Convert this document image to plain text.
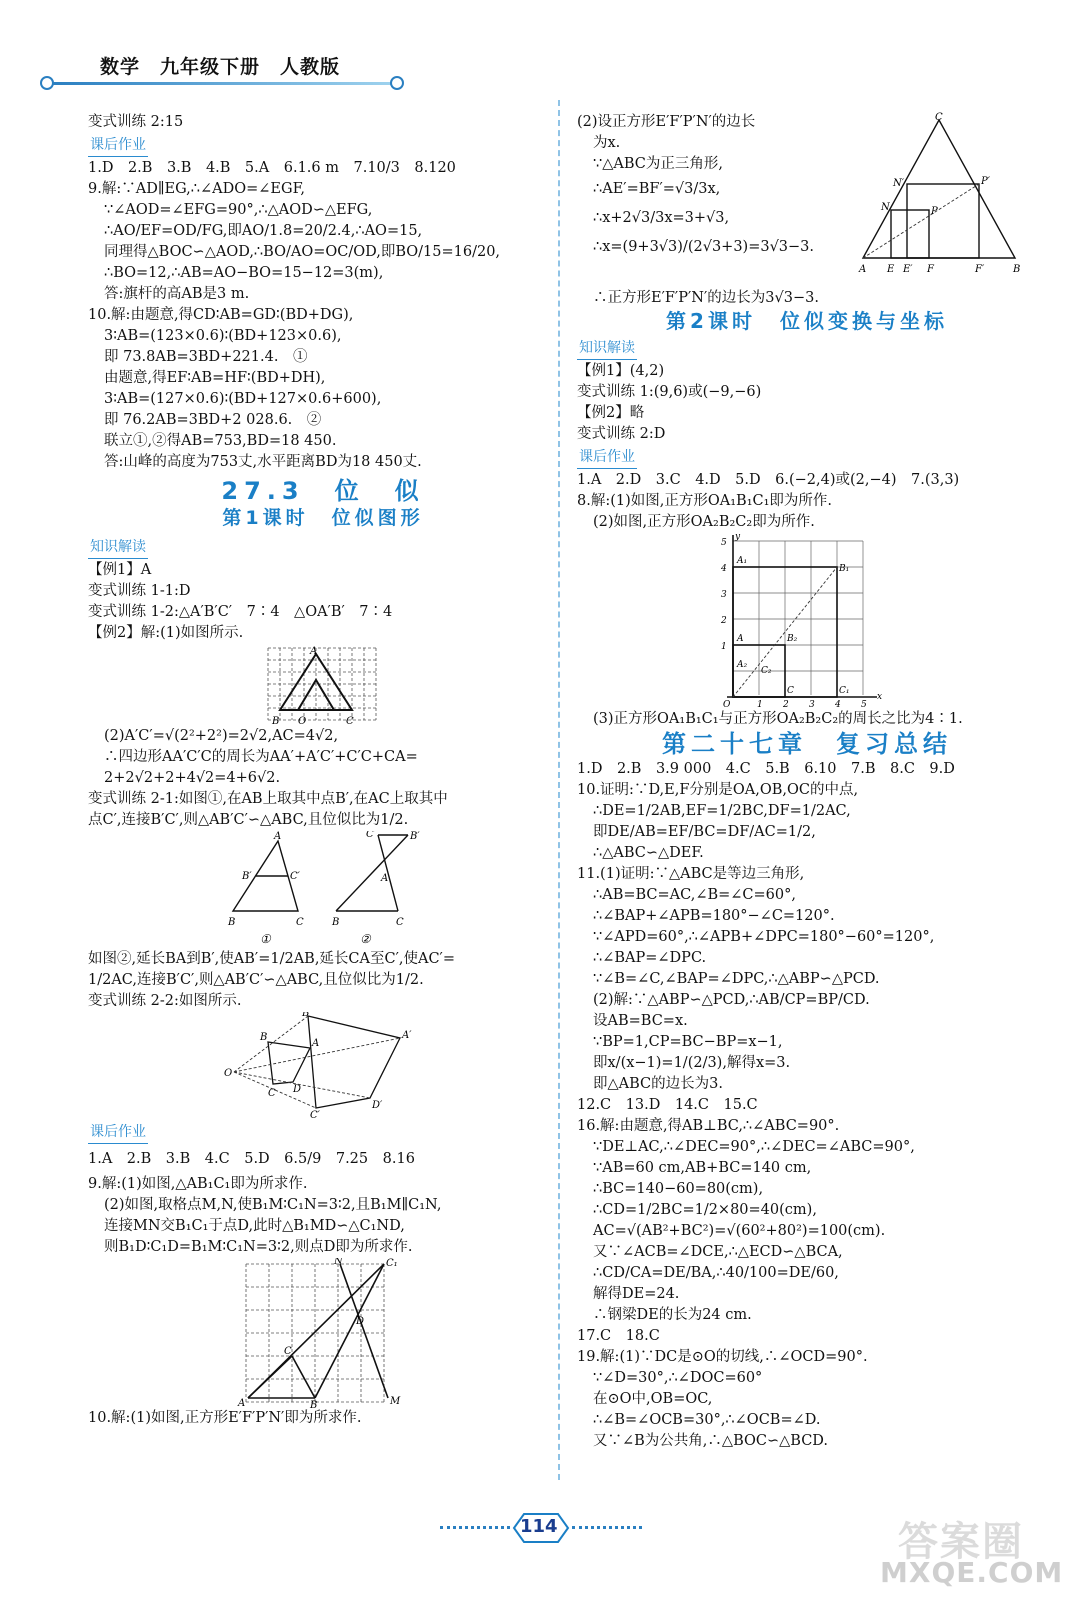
数学　九年级下册　人教版
变式训练 2:15
课后作业
1.D　2.B　3.B　4.B　5.A　6.1.6 m　7.10/3　8.120
9.解:∵AD∥EG,∴∠ADO=∠EGF,
∵∠AOD=∠EFG=90°,∴△AOD∽△EFG,
∴AO/EF=OD/FG,即AO/1.8=20/2.4,∴AO=15,
同理得△BOC∽△AOD,∴BO/AO=OC/OD,即BO/15=16/20,
∴BO=12,∴AB=AO−BO=15−12=3(m),
答:旗杆的高AB是3 m.
10.解:由题意,得CD∶AB=GD∶(BD+DG),
3∶AB=(123×0.6)∶(BD+123×0.6),
即 73.8AB=3BD+221.4.　①
由题意,得EF∶AB=HF∶(BD+DH),
3∶AB=(127×0.6)∶(BD+127×0.6+600),
即 76.2AB=3BD+2 028.6.　②
联立①,②得AB=753,BD=18 450.
答:山峰的高度为753丈,水平距离BD为18 450丈.
27.3　位　似
第1课时　位似图形
知识解读
【例1】A
变式训练 1-1:D
变式训练 1-2:△A′B′C′　7∶4　△OA′B′　7∶4
【例2】解:(1)如图所示.
A
B O	C
(2)A′C′=√(2²+2²)=2√2,AC=4√2,
∴四边形AA′C′C的周长为AA′+A′C′+C′C+CA=
2+2√2+2+4√2=4+6√2.
变式训练 2-1:如图①,在AB上取其中点B′,在AC上取其中
点C′,连接B′C′,则△AB′C′∽△ABC,且位似比为1/2.
A
B′	C′
B	C
C′	B′
A
B	C
①	②
如图②,延长BA到B′,使AB′=1/2AB,延长CA至C′,使AC′=
1/2AC,连接B′C′,则△AB′C′∽△ABC,且位似比为1/2.
变式训练 2-2:如图所示.
O
B
A
D
C
B′
A′
D′
C′
课后作业
1.A　2.B　3.B　4.C　5.D　6.5/9　7.25　8.16
9.解:(1)如图,△AB₁C₁即为所求作.
(2)如图,取格点M,N,使B₁M∶C₁N=3∶2,且B₁M∥C₁N,
连接MN交B₁C₁于点D,此时△B₁MD∽△C₁ND,
则B₁D∶C₁D=B₁M∶C₁N=3∶2,则点D即为所求作.
A
C
B
C₁
N
D
M
10.解:(1)如图,正方形E′F′P′N′即为所求作.
(2)设正方形E′F′P′N′的边长
为x.
∵△ABC为正三角形,
∴AE′=BF′=√3/3x,
∴x+2√3/3x=3+√3,
∴x=(9+3√3)/(2√3+3)=3√3−3.
C
N′	P′
N	P
A E E′ F	F′	B
∴正方形E′F′P′N′的边长为3√3−3.
第2课时　位似变换与坐标
知识解读
【例1】(4,2)
变式训练 1:(9,6)或(−9,−6)
【例2】略
变式训练 2:D
课后作业
1.A　2.D　3.C　4.D　5.D　6.(−2,4)或(2,−4)　7.(3,3)
8.解:(1)如图,正方形OA₁B₁C₁即为所作.
(2)如图,正方形OA₂B₂C₂即为所作.
y
x
5
4
3
2
1
O	1 2 3 4 5
A₁
B₁
A
A₂
B₂
C₂
C	C₁
(3)正方形OA₁B₁C₁与正方形OA₂B₂C₂的周长之比为4∶1.
第二十七章　复习总结
1.D　2.B　3.9 000　4.C　5.B　6.10　7.B　8.C　9.D
10.证明:∵D,E,F分别是OA,OB,OC的中点,
∴DE=1/2AB,EF=1/2BC,DF=1/2AC,
即DE/AB=EF/BC=DF/AC=1/2,
∴△ABC∽△DEF.
11.(1)证明:∵△ABC是等边三角形,
∴AB=BC=AC,∠B=∠C=60°,
∴∠BAP+∠APB=180°−∠C=120°.
∵∠APD=60°,∴∠APB+∠DPC=180°−60°=120°,
∴∠BAP=∠DPC.
∵∠B=∠C,∠BAP=∠DPC,∴△ABP∽△PCD.
(2)解:∵△ABP∽△PCD,∴AB/CP=BP/CD.
设AB=BC=x.
∵BP=1,CP=BC−BP=x−1,
即x/(x−1)=1/(2/3),解得x=3.
即△ABC的边长为3.
12.C　13.D　14.C　15.C
16.解:由题意,得AB⊥BC,∴∠ABC=90°.
∵DE⊥AC,∴∠DEC=90°,∴∠DEC=∠ABC=90°,
∵AB=60 cm,AB+BC=140 cm,
∴BC=140−60=80(cm),
∴CD=1/2BC=1/2×80=40(cm),
AC=√(AB²+BC²)=√(60²+80²)=100(cm).
又∵∠ACB=∠DCE,∴△ECD∽△BCA,
∴CD/CA=DE/BA,∴40/100=DE/60,
解得DE=24.
∴钢梁DE的长为24 cm.
17.C　18.C
19.解:(1)∵DC是⊙O的切线,∴∠OCD=90°.
∵∠D=30°,∴∠DOC=60°
在⊙O中,OB=OC,
∴∠B=∠OCB=30°,∴∠OCB=∠D.
又∵∠B为公共角,∴△BOC∽△BCD.
114	答案圈
MXQE.COM
